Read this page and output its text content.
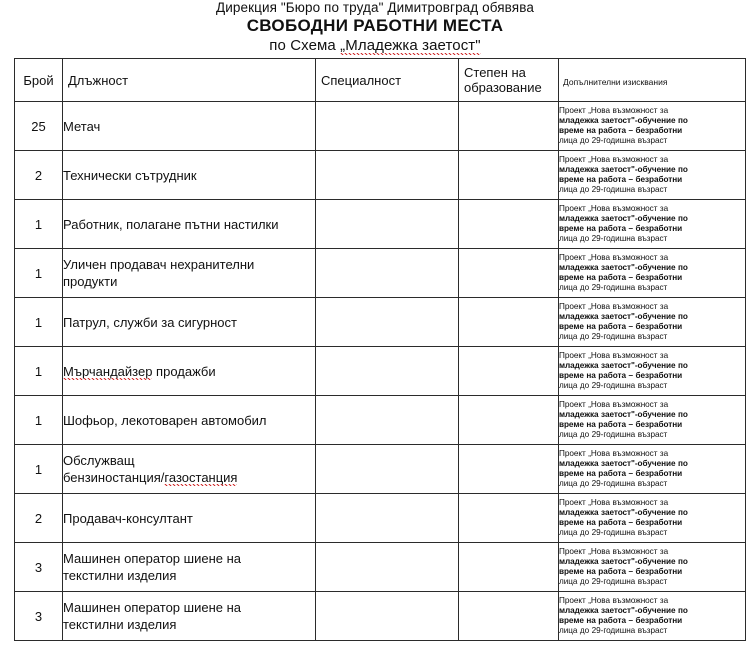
Дирекция "Бюро по труда" Димитровград обявява
СВОБОДНИ РАБОТНИ МЕСТА
по Схема „Младежка заетост"
Брой	Длъжност	Специалност	Степен на
образование	Допълнителни изисквания

25	Метач			Проект „Нова възможност за
младежка заетост"-обучение по
време на работа – безработни
лица до 29-годишна възраст

2	Технически сътрудник			Проект „Нова възможност за
младежка заетост"-обучение по
време на работа – безработни
лица до 29-годишна възраст

1	Работник, полагане пътни настилки			Проект „Нова възможност за
младежка заетост"-обучение по
време на работа – безработни
лица до 29-годишна възраст

1	Уличен продавач нехранителни
продукти			Проект „Нова възможност за
младежка заетост"-обучение по
време на работа – безработни
лица до 29-годишна възраст

1	Патрул, служби за сигурност			Проект „Нова възможност за
младежка заетост"-обучение по
време на работа – безработни
лица до 29-годишна възраст

1	Мърчандайзер продажби			Проект „Нова възможност за
младежка заетост"-обучение по
време на работа – безработни
лица до 29-годишна възраст

1	Шофьор, лекотоварен автомобил			Проект „Нова възможност за
младежка заетост"-обучение по
време на работа – безработни
лица до 29-годишна възраст

1	Обслужващ
бензиностанция/газостанция			Проект „Нова възможност за
младежка заетост"-обучение по
време на работа – безработни
лица до 29-годишна възраст

2	Продавач-консултант			Проект „Нова възможност за
младежка заетост"-обучение по
време на работа – безработни
лица до 29-годишна възраст

3	Машинен оператор шиене на
текстилни изделия			Проект „Нова възможност за
младежка заетост"-обучение по
време на работа – безработни
лица до 29-годишна възраст

3	Машинен оператор шиене на
текстилни изделия			Проект „Нова възможност за
младежка заетост"-обучение по
време на работа – безработни
лица до 29-годишна възраст
